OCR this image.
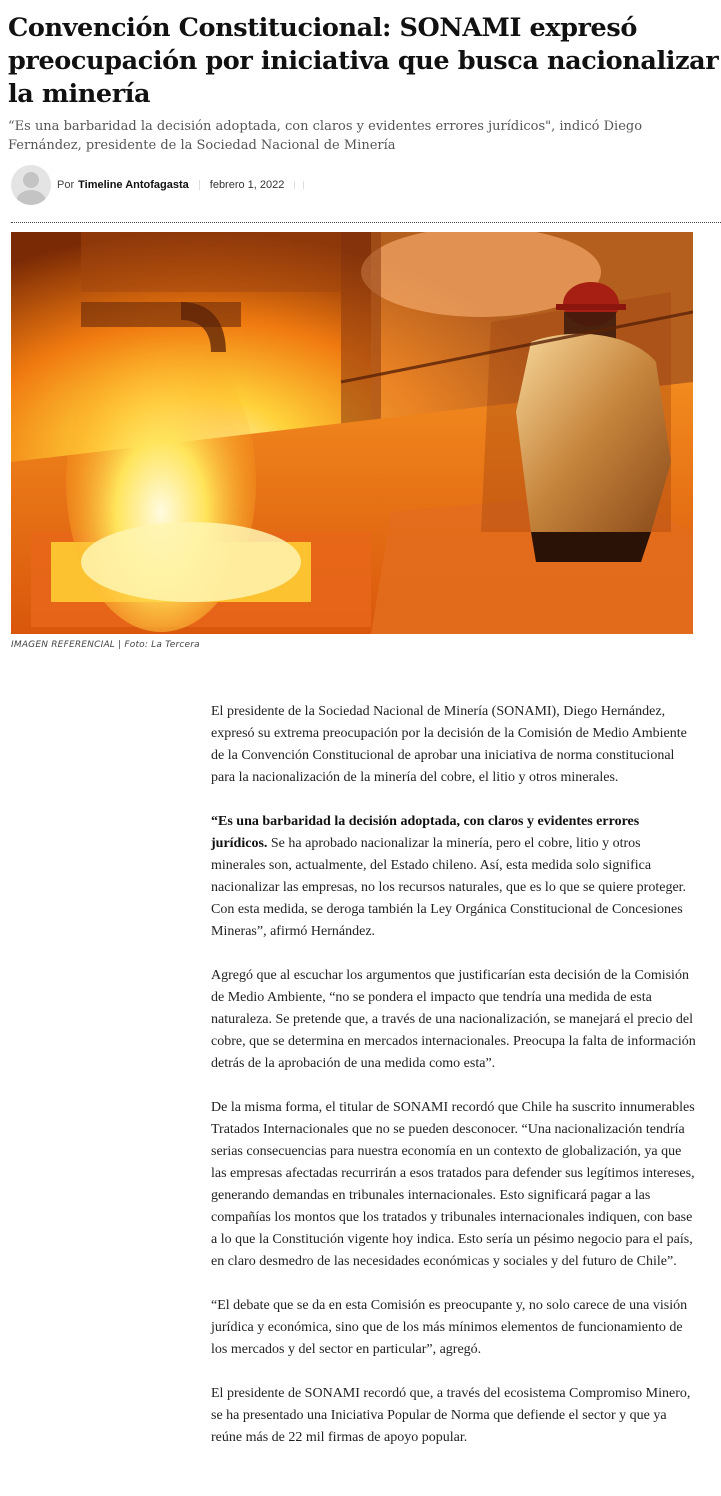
Convención Constitucional: SONAMI expresó preocupación por iniciativa que busca nacionalizar la minería

“Es una barbaridad la decisión adoptada, con claros y evidentes errores jurídicos", indicó Diego Fernández, presidente de la Sociedad Nacional de Minería

Por Timeline Antofagasta febrero 1, 2022
IMAGEN REFERENCIAL | Foto: La Tercera

El presidente de la Sociedad Nacional de Minería (SONAMI), Diego Hernández, expresó su extrema preocupación por la decisión de la Comisión de Medio Ambiente de la Convención Constitucional de aprobar una iniciativa de norma constitucional para la nacionalización de la minería del cobre, el litio y otros minerales.

“Es una barbaridad la decisión adoptada, con claros y evidentes errores jurídicos. Se ha aprobado nacionalizar la minería, pero el cobre, litio y otros minerales son, actualmente, del Estado chileno. Así, esta medida solo significa nacionalizar las empresas, no los recursos naturales, que es lo que se quiere proteger. Con esta medida, se deroga también la Ley Orgánica Constitucional de Concesiones Mineras”, afirmó Hernández.

Agregó que al escuchar los argumentos que justificarían esta decisión de la Comisión de Medio Ambiente, “no se pondera el impacto que tendría una medida de esta naturaleza. Se pretende que, a través de una nacionalización, se manejará el precio del cobre, que se determina en mercados internacionales. Preocupa la falta de información detrás de la aprobación de una medida como esta”.

De la misma forma, el titular de SONAMI recordó que Chile ha suscrito innumerables Tratados Internacionales que no se pueden desconocer. “Una nacionalización tendría serias consecuencias para nuestra economía en un contexto de globalización, ya que las empresas afectadas recurrirán a esos tratados para defender sus legítimos intereses, generando demandas en tribunales internacionales. Esto significará pagar a las compañías los montos que los tratados y tribunales internacionales indiquen, con base a lo que la Constitución vigente hoy indica. Esto sería un pésimo negocio para el país, en claro desmedro de las necesidades económicas y sociales y del futuro de Chile”.

“El debate que se da en esta Comisión es preocupante y, no solo carece de una visión jurídica y económica, sino que de los más mínimos elementos de funcionamiento de los mercados y del sector en particular”, agregó.

El presidente de SONAMI recordó que, a través del ecosistema Compromiso Minero, se ha presentado una Iniciativa Popular de Norma que defiende el sector y que ya reúne más de 22 mil firmas de apoyo popular.
